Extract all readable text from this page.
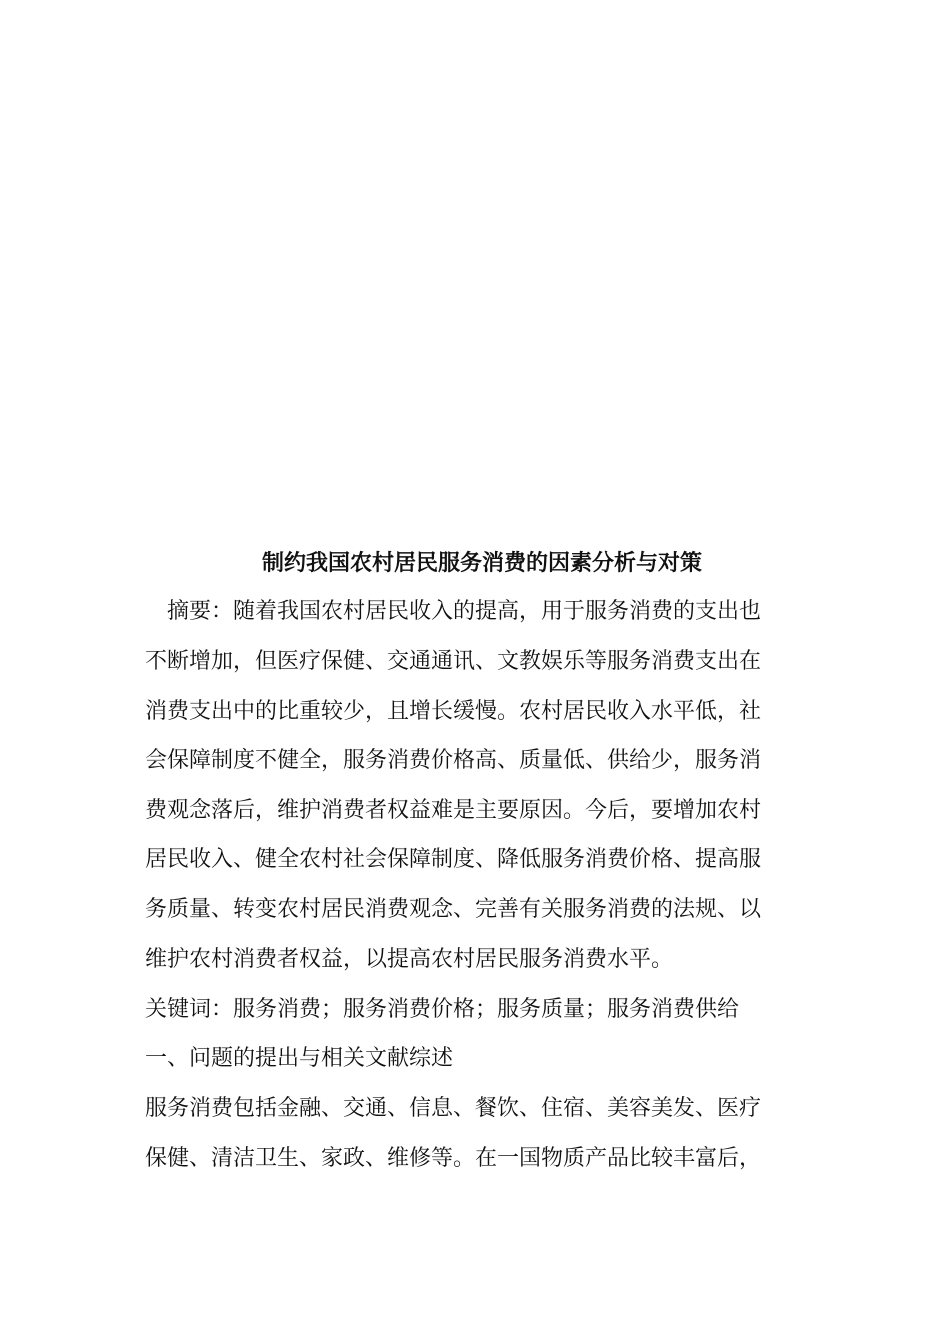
制约我国农村居民服务消费的因素分析与对策

摘要：随着我国农村居民收入的提高，用于服务消费的支出也

不断增加，但医疗保健、交通通讯、文教娱乐等服务消费支出在

消费支出中的比重较少，且增长缓慢。农村居民收入水平低，社

会保障制度不健全，服务消费价格高、质量低、供给少，服务消

费观念落后，维护消费者权益难是主要原因。今后，要增加农村

居民收入、健全农村社会保障制度、降低服务消费价格、提高服

务质量、转变农村居民消费观念、完善有关服务消费的法规、以

维护农村消费者权益，以提高农村居民服务消费水平。

关键词：服务消费；服务消费价格；服务质量；服务消费供给

一、问题的提出与相关文献综述

服务消费包括金融、交通、信息、餐饮、住宿、美容美发、医疗

保健、清洁卫生、家政、维修等。在一国物质产品比较丰富后，
